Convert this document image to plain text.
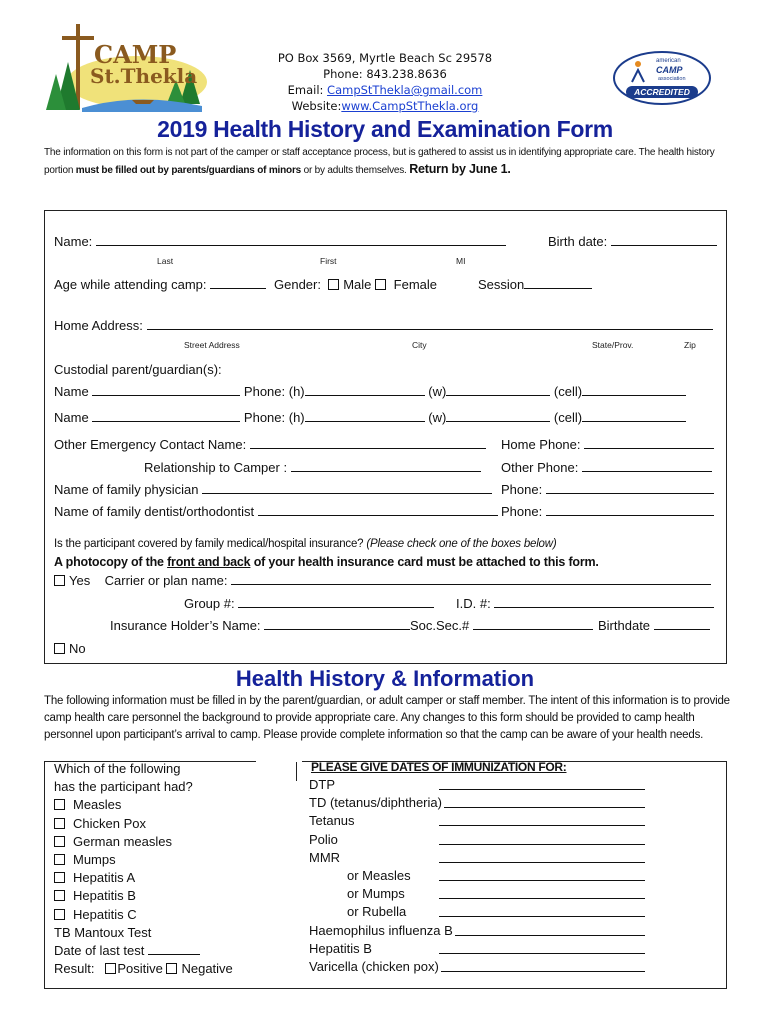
CAMP
St.Thekla
PO Box 3569, Myrtle Beach Sc 29578
Phone: 843.238.8636
Email: CampStThekla@gmail.com Website:www.CampStThekla.org
american
CAMP
association
ACCREDITED
2019 Health History and Examination Form
The information on this form is not part of the camper or staff acceptance process, but is gathered to assist us in identifying appropriate care. The health history portion must be filled out by parents/guardians of minors or by adults themselves. Return by June 1.
Name:	Birth date:
Last	First	MI
Age while attending camp:	Gender: Male Female	Session
Home Address:
Street Address	City	State/Prov.	Zip
Custodial parent/guardian(s):
Name	Phone: (h)	(w)	(cell)
Name	Phone: (h)	(w)	(cell)
Other Emergency Contact Name:	Home Phone:
Relationship to Camper :	Other Phone:
Name of family physician	Phone:
Name of family dentist/orthodontist	Phone:
Is the participant covered by family medical/hospital insurance? (Please check one of the boxes below)
A photocopy of the front and back of your health insurance card must be attached to this form.
Yes Carrier or plan name:
Group #:	I.D. #:
Insurance Holder’s Name:	Soc.Sec.#	Birthdate
No
Health History & Information
The following information must be filled in by the parent/guardian, or adult camper or staff member. The intent of this information is to provide camp health care personnel the background to provide appropriate care. Any changes to this form should be provided to camp health personnel upon participant’s arrival to camp. Please provide complete information so that the camp can be aware of your health needs.
Which of the following
has the participant had?
Measles
Chicken Pox
German measles
Mumps
Hepatitis A
Hepatitis B
Hepatitis C
TB Mantoux Test
Date of last test
Result:   Positive Negative
PLEASE GIVE DATES OF IMMUNIZATION FOR:
DTP
TD (tetanus/diphtheria)
Tetanus
Polio
MMR
or Measles
or Mumps
or Rubella
Haemophilus influenza B
Hepatitis B
Varicella (chicken pox)
